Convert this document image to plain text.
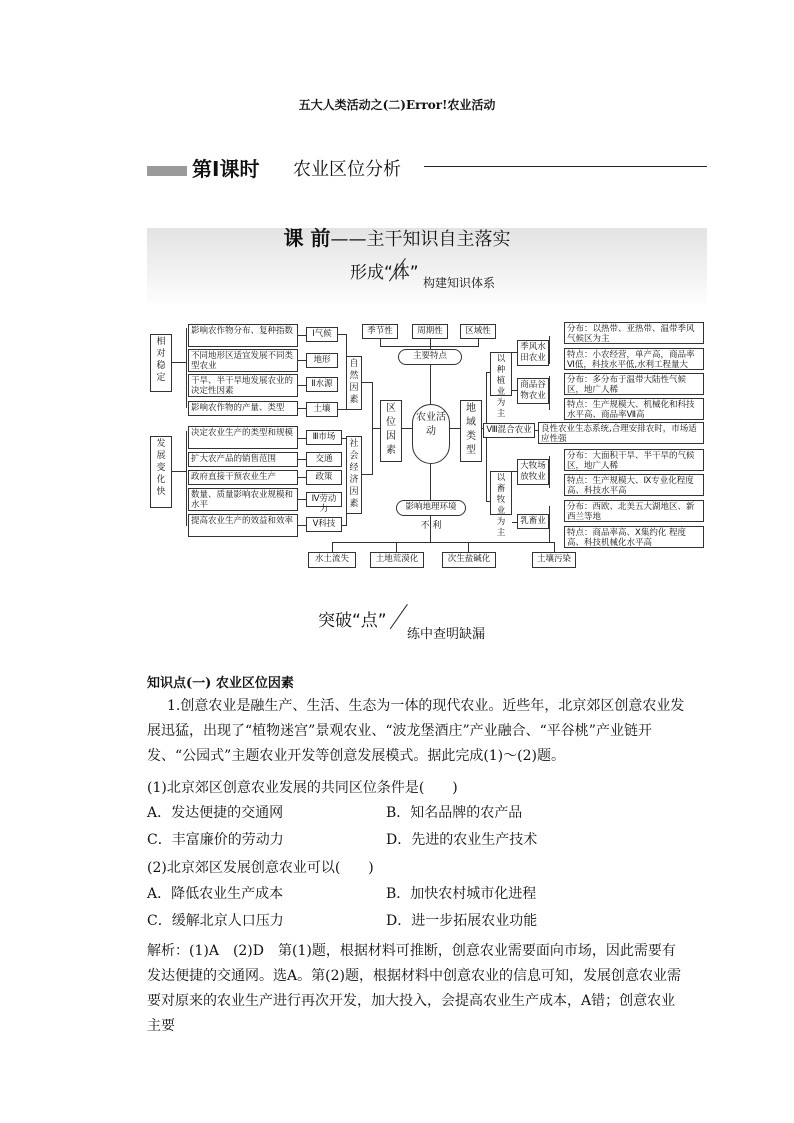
五大人类活动之(二)Error!农业活动
第Ⅰ课时 农业区位分析
课 前——主干知识自主落实
形成“体” 构建知识体系
相对稳定
发展变化快
影响农作物分布、复种指数
不同地形区适宜发展不同类型农业
干旱、半干旱地发展农业的决定性因素
影响农作物的产量、类型
Ⅰ气候
地形
Ⅱ水源
土壤
自然因素
决定农业生产的类型和规模
扩大农产品的销售范围
政府直接干预农业生产
数量、质量影响农业规模和水平
提高农业生产的效益和效率
Ⅲ市场
交通
政策
Ⅳ劳动力
Ⅴ科技
社会经济因素
区位因素
季节性	周期性	区域性
主要特点
农业活动
地域类型
以种植业为主
以畜牧业为主
季风水田农业
商品谷物农业
Ⅷ混合农业
大牧场放牧业
乳畜业
分布：以热带、亚热带、温带季风气候区为主
特点：小农经营，单产高，商品率Ⅵ低，科技水平低,水利工程量大
分布：多分布于温带大陆性气候区，地广人稀
特点：生产规模大、机械化和科技水平高、商品率Ⅶ高
良性农业生态系统,合理安排农时，市场适应性强
分布：大面积干旱、半干旱的气候区，地广人稀
特点：生产规模大、Ⅸ专业化程度高、科技水平高
分布：西欧、北美五大湖地区、新西兰等地
特点：商品率高、Ⅹ集约化 程度高、科技机械化水平高
影响地理环境
不 利
水土流失	土地荒漠化	次生盐碱化	土壤污染
突破“点”
练中查明缺漏
知识点(一) 农业区位因素
1.创意农业是融生产、生活、生态为一体的现代农业。近些年，北京郊区创意农业发展迅猛，出现了“植物迷宫”景观农业、“波龙堡酒庄”产业融合、“平谷桃”产业链开发、“公园式”主题农业开发等创意发展模式。据此完成(1)～(2)题。
(1)北京郊区创意农业发展的共同区位条件是(　　)
A．发达便捷的交通网	B．知名品牌的农产品
C．丰富廉价的劳动力	D．先进的农业生产技术
(2)北京郊区发展创意农业可以(　　)
A．降低农业生产成本	B．加快农村城市化进程
C．缓解北京人口压力	D．进一步拓展农业功能
解析：(1)A　(2)D　第(1)题，根据材料可推断，创意农业需要面向市场，因此需要有发达便捷的交通网。选A。第(2)题，根据材料中创意农业的信息可知，发展创意农业需要对原来的农业生产进行再次开发，加大投入，会提高农业生产成本，A错；创意农业主要
